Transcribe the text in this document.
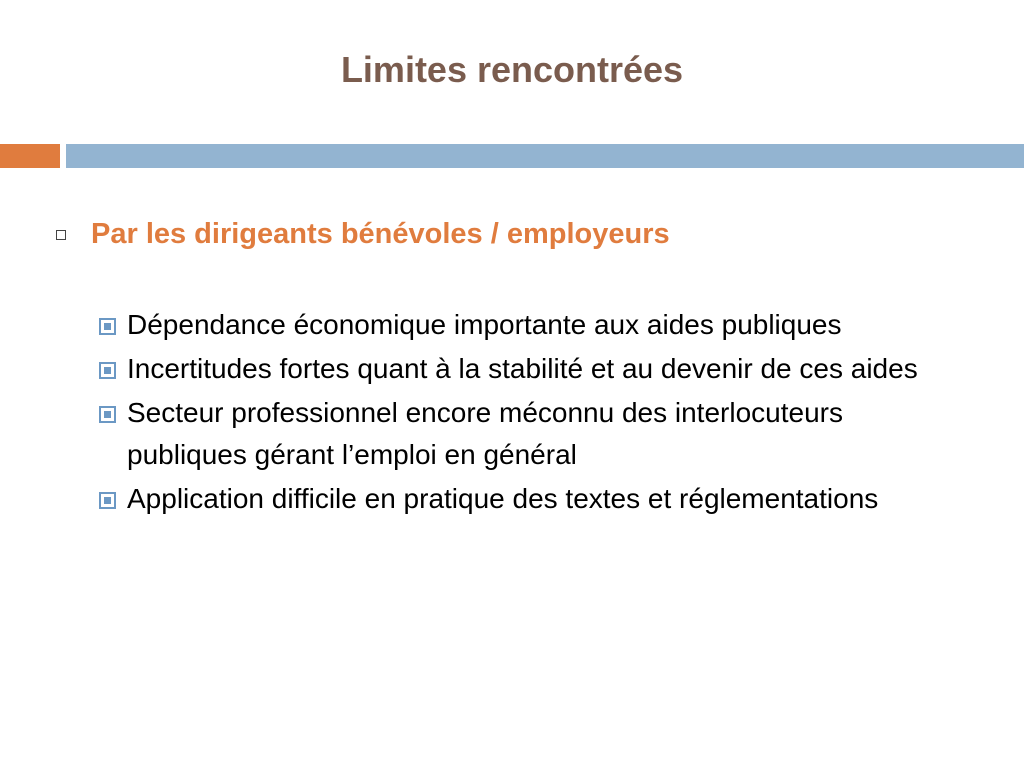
Limites rencontrées
Par les dirigeants bénévoles / employeurs
Dépendance économique importante aux aides publiques
Incertitudes fortes quant à la stabilité et au devenir de ces aides
Secteur professionnel encore méconnu des interlocuteurs publiques gérant l’emploi en général
Application difficile en pratique des textes et réglementations
